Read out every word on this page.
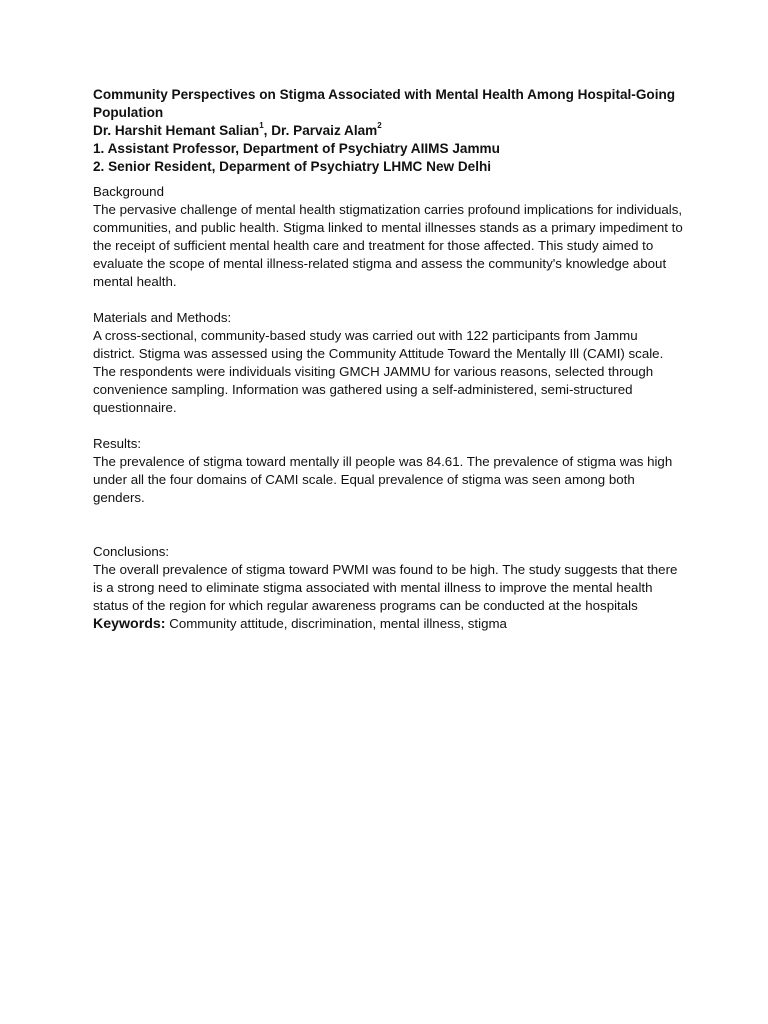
Community Perspectives on Stigma Associated with Mental Health Among Hospital-Going Population
Dr. Harshit Hemant Salian$^1$, Dr. Parvaiz Alam$^2$
1. Assistant Professor, Department of Psychiatry AIIMS Jammu
2. Senior Resident, Deparment of Psychiatry LHMC New Delhi
Background
The pervasive challenge of mental health stigmatization carries profound implications for individuals, communities, and public health. Stigma linked to mental illnesses stands as a primary impediment to the receipt of sufficient mental health care and treatment for those affected. This study aimed to evaluate the scope of mental illness-related stigma and assess the community's knowledge about mental health.
Materials and Methods:
A cross-sectional, community-based study was carried out with 122 participants from Jammu district. Stigma was assessed using the Community Attitude Toward the Mentally Ill (CAMI) scale. The respondents were individuals visiting GMCH JAMMU for various reasons, selected through convenience sampling. Information was gathered using a self-administered, semi-structured questionnaire.
Results:
The prevalence of stigma toward mentally ill people was 84.61. The prevalence of stigma was high under all the four domains of CAMI scale. Equal prevalence of stigma was seen among both genders.
Conclusions:
The overall prevalence of stigma toward PWMI was found to be high. The study suggests that there is a strong need to eliminate stigma associated with mental illness to improve the mental health status of the region for which regular awareness programs can be conducted at the hospitals
Keywords: Community attitude, discrimination, mental illness, stigma
